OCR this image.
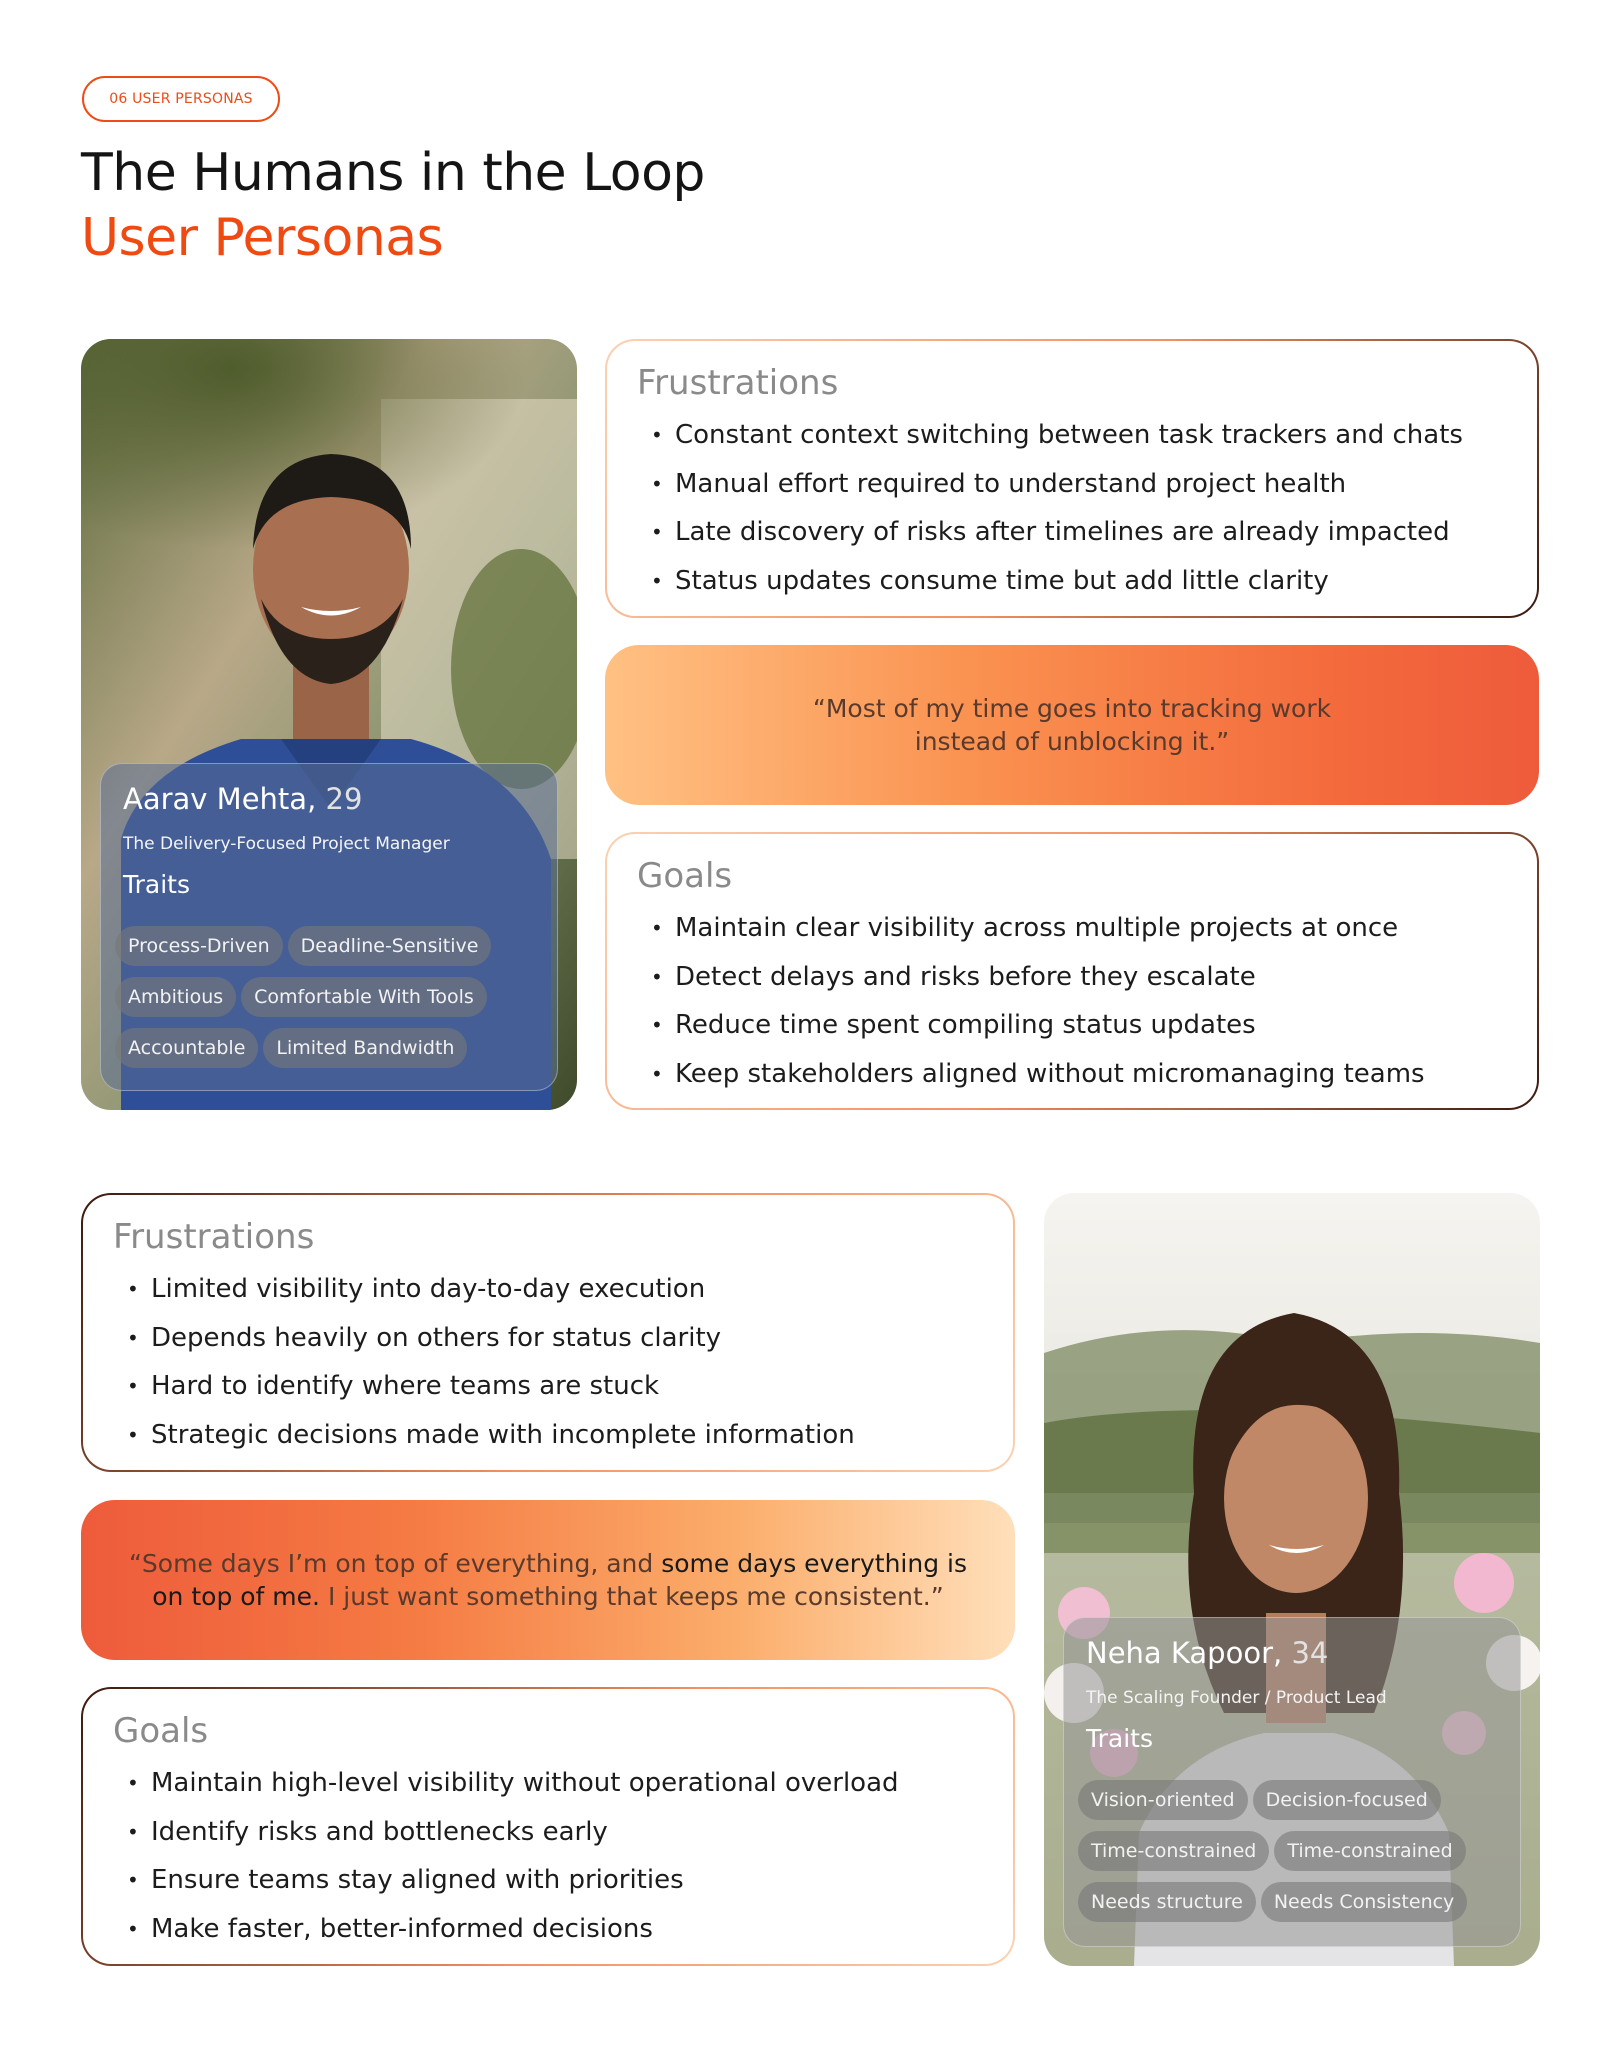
06 USER PERSONAS
The Humans in the Loop
User Personas
Aarav Mehta, 29
The Delivery-Focused Project Manager
Traits
Process-Driven Deadline-Sensitive
Ambitious Comfortable With Tools
Accountable Limited Bandwidth
Frustrations
• Constant context switching between task trackers and chats
• Manual effort required to understand project health
• Late discovery of risks after timelines are already impacted
• Status updates consume time but add little clarity
“Most of my time goes into tracking work
instead of unblocking it.”
Goals
• Maintain clear visibility across multiple projects at once
• Detect delays and risks before they escalate
• Reduce time spent compiling status updates
• Keep stakeholders aligned without micromanaging teams
Frustrations
• Limited visibility into day-to-day execution
• Depends heavily on others for status clarity
• Hard to identify where teams are stuck
• Strategic decisions made with incomplete information
“Some days I’m on top of everything, and some days everything is
on top of me. I just want something that keeps me consistent.”
Goals
• Maintain high-level visibility without operational overload
• Identify risks and bottlenecks early
• Ensure teams stay aligned with priorities
• Make faster, better-informed decisions
Neha Kapoor, 34
The Scaling Founder / Product Lead
Traits
Vision-oriented Decision-focused
Time-constrained Time-constrained
Needs structure Needs Consistency
